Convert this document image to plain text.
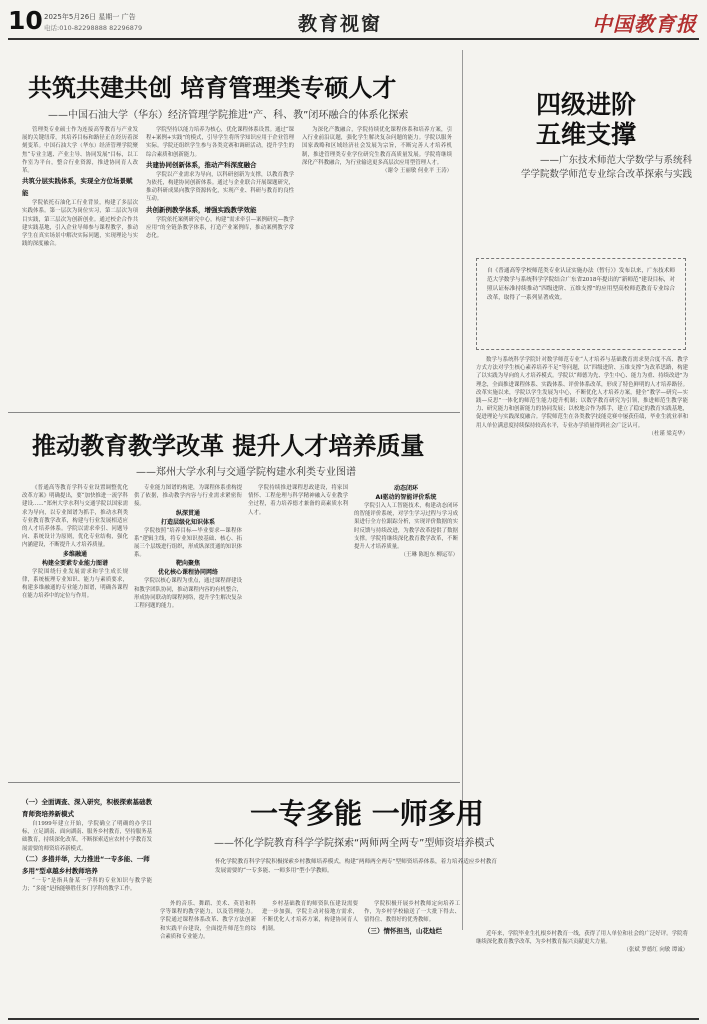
10 2025年5月26日 星期一 广告
电话:010-82298888 82296879	教育视窗	中国教育报
共筑共建共创 培育管理类专硕人才
——中国石油大学（华东）经济管理学院推进“产、科、教”闭环融合的体系化探索

管理类专业硕士作为连接高等教育与产业发展的关键纽带，其培养目标和路径正在经历着深刻变革。中国石油大学（华东）经济管理学院聚焦“专业主题、产业主导、协同发展”目标，以工作室为平台，整合行业资源，推进协同育人改革。

共筑分层实践体系，实现全方位场景赋能

学院依托石油化工行业背景，构建了多层次实践体系。第一层次为岗位实习，第二层次为项目实践，第三层次为创新创业。通过校企合作共建实践基地，引入企业导师参与课程教学，推动学生在真实场景中解决实际问题，实现理论与实践的深度融合。

学院坚持以能力培养为核心，优化课程体系设置。通过“课程+案例+实践”的模式，引导学生将所学知识应用于企业管理实际。学院还组织学生参与各类竞赛和调研活动，提升学生的综合素质和创新能力。

共建协同创新体系，推动产科深度融合

学院以产业需求为导向，以科研创新为支撑，以教育教学为依托，构建协同创新体系。通过与企业联合开展课题研究，推动科研成果向教学资源转化，实现产业、科研与教育的良性互动。

共创新例教学体系，增强实践教学效能

学院依托案例研究中心，构建“需求牵引—案例研究—教学应用”的全链条教学体系，打造产业案例库，推动案例教学常态化。

为深化产教融合，学院持续优化课程体系和培养方案，引入行业前沿议题，强化学生解决复杂问题的能力。学院以服务国家战略和区域经济社会发展为宗旨，不断完善人才培养机制，推进管理类专业学位研究生教育高质量发展。学院将继续深化产科教融合，为行业输送更多高层次应用型管理人才。

（谢令 王丽敏 何业平 王涛）

四级进阶
五维支撑
——广东技术师范大学数学与系统科
学学院数学师范专业综合改革探索与实践
自《普通高等学校师范类专业认证实施办法（暂行）》发布以来，广东技术师范大学数学与系统科学学院结合广东省2018年提出的“新师范”建设目标，对照认证标准持续推动“四级进阶、五维支撑”的应用型高校师范教育专业综合改革，取得了一系列显著成效。

数学与系统科学学院针对数学师范专业“人才培养与基础教育需求契合度不高、教学方式方法对学生核心素养培养不足”等问题，以“四级进阶、五维支撑”为改革思路，构建了以实践为导向的人才培养模式。学院以“师德为先、学生中心、能力为重、持续改进”为理念，全面推进课程体系、实践体系、评价体系改革，形成了特色鲜明的人才培养路径。改革实施以来，学院以学生发展为中心，不断优化人才培养方案，健全“教学—研究—实践—反思”一体化的师范生能力提升机制；以数学教育研究为引领，推进师范生教学能力、研究能力和创新能力的协同发展；以校地合作为抓手，建立了稳定的教育实践基地，促进理论与实践深度融合。学院师范生在各类教学技能竞赛中屡获佳绩，毕业生就业率和用人单位满意度持续保持较高水平，专业办学质量得到社会广泛认可。

（杜谨 梁克华）

推动教育教学改革 提升人才培养质量
——郑州大学水利与交通学院构建水利类专业图谱

《普通高等教育学科专业设置调整优化改革方案》明确提出，要“加快推进一流学科建设……”郑州大学水利与交通学院以国家需求为导向，以专业图谱为抓手，推动水利类专业教育教学改革，构建与行业发展相适应的人才培养体系。学院以需求牵引、问题导向、系统设计为原则，优化专业结构，强化内涵建设，不断提升人才培养质量。

多维融通
构建全要素专业能力图谱

学院围绕行业发展需求和学生成长规律，系统梳理专业知识、能力与素质要求，构建多维融通的专业能力图谱，明确各课程在能力培养中的定位与作用。

专业能力图谱的构建，为课程体系重构提供了依据，推动教学内容与行业需求紧密衔接。

纵深贯通
打造层级化知识体系

学院按照“培养目标—毕业要求—课程体系”逻辑主线，将专业知识按基础、核心、拓展三个层级进行组织，形成纵深贯通的知识体系。

靶向聚焦
优化核心课程协同网络

学院以核心课程为重点，通过课程群建设和教学团队协同，推动课程内容的有机整合，形成协同联动的课程网络，提升学生解决复杂工程问题的能力。

学院持续推进课程思政建设，将家国情怀、工程伦理与科学精神融入专业教学全过程，着力培养德才兼备的高素质水利人才。

动态闭环
AI驱动的智能评价系统

学院引入人工智能技术，构建动态闭环的智能评价系统，对学生学习过程与学习成果进行全方位跟踪分析，实现评价数据的实时反馈与持续改进，为教学改革提供了数据支撑。学院将继续深化教育教学改革，不断提升人才培养质量。

（王琳 陈旭东 柳运军）

一专多能 一师多用
——怀化学院教育科学学院探索“两师两全两专”型师资培养模式
怀化学院教育科学学院积极探索乡村教师培养模式，构建“两师两全两专”型师资培养体系，着力培养适应乡村教育发展需要的“一专多能、一师多用”型小学教师。

（一）全面调查、深入研究，积极探索基础教育师资培养新模式

自1999年建立开始，学院确立了明确的办学目标，立足湖南、面向湖南、服务乡村教育，坚持服务基础教育，持续深化改革，不断探索适应农村小学教育发展需要的师资培养新模式。

（二）多措并举，大力推进“一专多能、一师多用”型卓越乡村教师培养

“一专”是指具备某一学科的专业知识与教学能力；“多能”是指能够胜任多门学科的教学工作。

外的音乐、舞蹈、美术、英语和科学等课程的教学能力，以及管理能力。学院通过课程体系改革、教学方法创新和实践平台建设，全面提升师范生的综合素质和专业能力。

乡村基础教育的师资队伍建设需要进一步加强，学院主动对接地方需求，不断优化人才培养方案，构建协同育人机制。

学院积极开展乡村教师定向培养工作，为乡村学校输送了一大批下得去、留得住、教得好的优秀教师。

（三）情怀担当，山花灿烂	近年来，学院毕业生扎根乡村教育一线，获得了用人单位和社会的广泛好评。学院将继续深化教育教学改革，为乡村教育振兴贡献更大力量。

（张斌 罗德红 向敏 谭诚）
